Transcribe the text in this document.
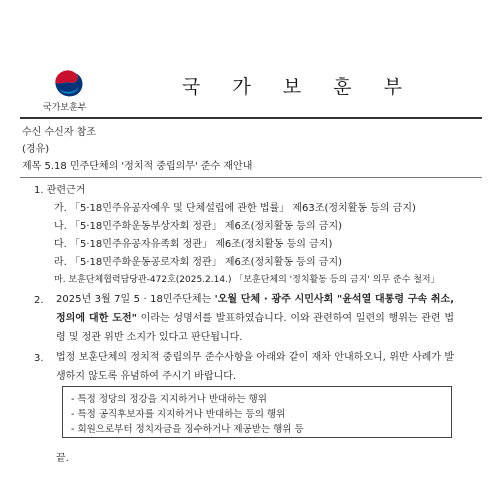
국가보훈부
국 가 보 훈 부
수신 수신자 참조
(경유)
제목 5.18 민주단체의 '정치적 중립의무' 준수 재안내
1. 관련근거
가. 「5·18민주유공자예우 및 단체설립에 관한 법률」 제63조(정치활동 등의 금지)
나. 「5·18민주화운동부상자회 정관」 제6조(정치활동 등의 금지)
다. 「5·18민주유공자유족회 정관」 제6조(정치활동 등의 금지)
라. 「5·18민주화운동공로자회 정관」 제6조(정치활동 등의 금지)
마. 보훈단체협력담당관-472호(2025.2.14.) 「보훈단체의 '정치활동 등의 금지' 의무 준수 철저」
2. 2025년 3월 7일 5 · 18민주단체는 '오월 단체 · 광주 시민사회 "윤석열 대통령 구속 취소, 정의에 대한 도전" 이라는 성명서를 발표하였습니다. 이와 관련하여 일련의 행위는 관련 법령 및 정관 위반 소지가 있다고 판단됩니다.
3. 법정 보훈단체의 정치적 중립의무 준수사항을 아래와 같이 재차 안내하오니, 위반 사례가 발생하지 않도록 유념하여 주시기 바랍니다.
- 특정 정당의 정강을 지지하거나 반대하는 행위
- 특정 공직후보자를 지지하거나 반대하는 등의 행위
- 회원으로부터 정치자금을 징수하거나 제공받는 행위 등
끝.
